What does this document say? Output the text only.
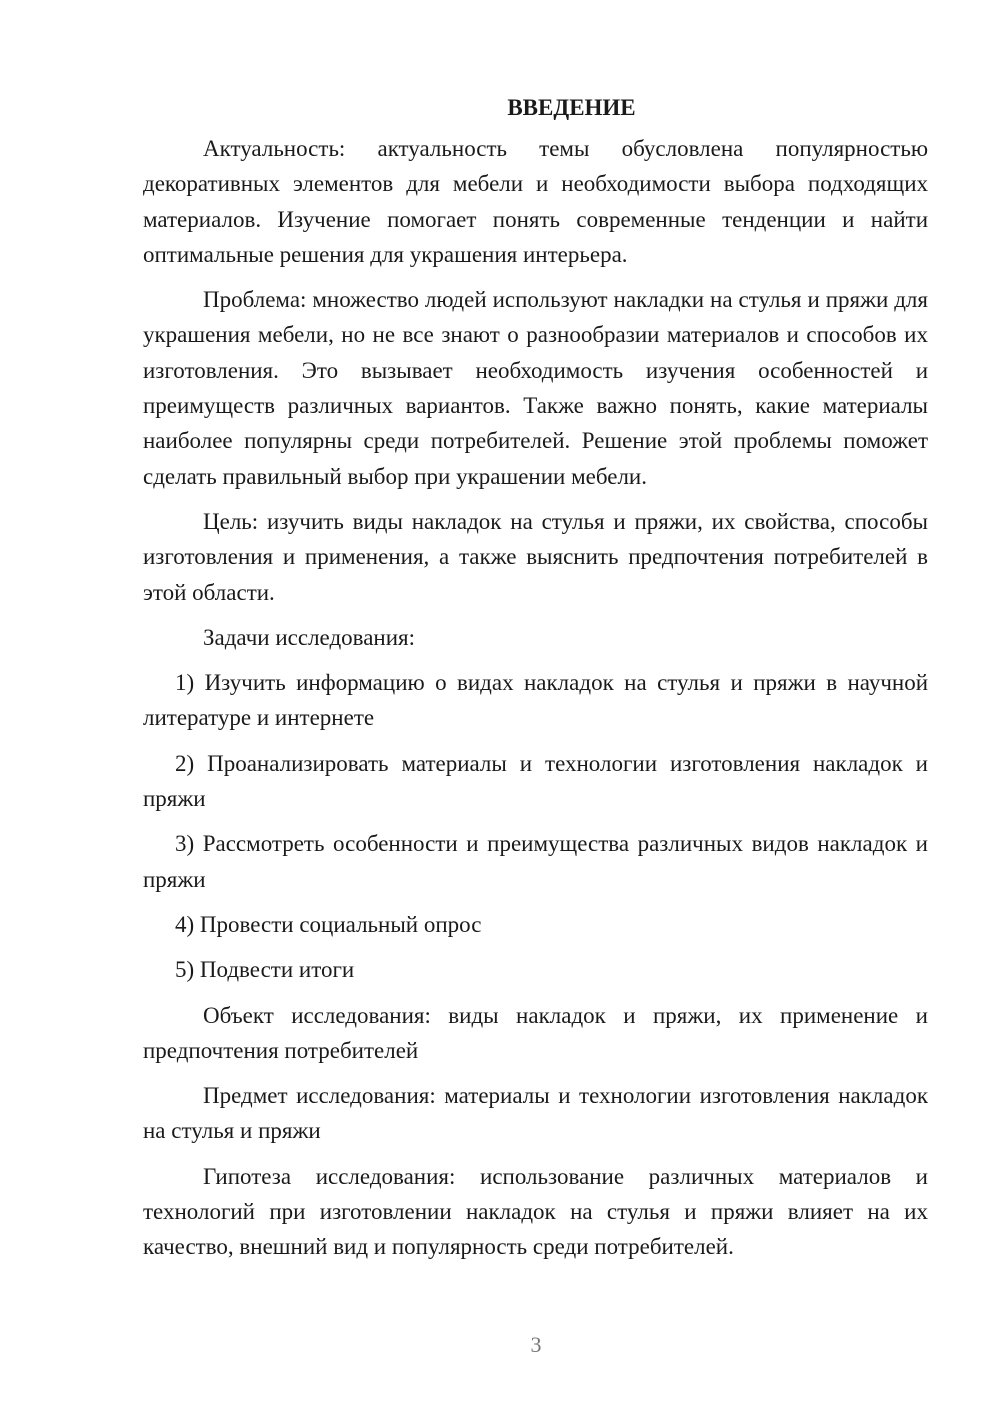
ВВЕДЕНИЕ

Актуальность: актуальность темы обусловлена популярностью декоративных элементов для мебели и необходимости выбора подходящих материалов. Изучение помогает понять современные тенденции и найти оптимальные решения для украшения интерьера.

Проблема: множество людей используют накладки на стулья и пряжи для украшения мебели, но не все знают о разнообразии материалов и способов их изготовления. Это вызывает необходимость изучения особенностей и преимуществ различных вариантов. Также важно понять, какие материалы наиболее популярны среди потребителей. Решение этой проблемы поможет сделать правильный выбор при украшении мебели.

Цель: изучить виды накладок на стулья и пряжи, их свойства, способы изготовления и применения, а также выяснить предпочтения потребителей в этой области.

Задачи исследования:

1) Изучить информацию о видах накладок на стулья и пряжи в научной литературе и интернете

2) Проанализировать материалы и технологии изготовления накладок и пряжи

3) Рассмотреть особенности и преимущества различных видов накладок и пряжи

4) Провести социальный опрос

5) Подвести итоги

Объект исследования: виды накладок и пряжи, их применение и предпочтения потребителей

Предмет исследования: материалы и технологии изготовления накладок на стулья и пряжи

Гипотеза исследования: использование различных материалов и технологий при изготовлении накладок на стулья и пряжи влияет на их качество, внешний вид и популярность среди потребителей.

3
